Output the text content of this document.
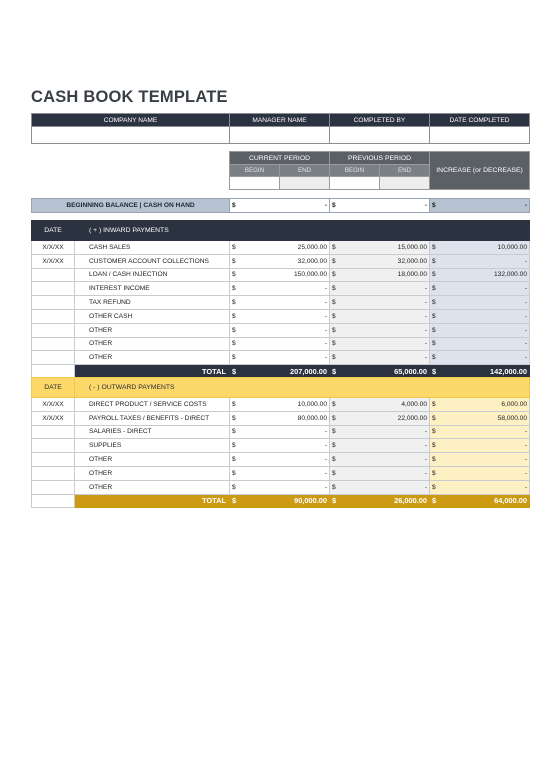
CASH BOOK TEMPLATE
COMPANY NAME	MANAGER NAME	COMPLETED BY	DATE COMPLETED

CURRENT PERIOD		PREVIOUS PERIOD		INCREASE (or DECREASE)
BEGIN	END	BEGIN	END	

BEGINNING BALANCE | CASH ON HAND	$	-	$	-	$	-
DATE	( + ) INWARD PAYMENTS			
X/X/XX	CASH SALES	$ 25,000.00	$ 15,000.00	$ 10,000.00

X/X/XX	CUSTOMER ACCOUNT COLLECTIONS	$ 32,000.00	$ 32,000.00	$ -

	LOAN / CASH INJECTION	$ 150,000.00	$ 18,000.00	$ 132,000.00

	INTEREST INCOME	$ -	$ -	$ -

	TAX REFUND	$ -	$ -	$ -

	OTHER CASH	$ -	$ -	$ -

	OTHER	$ -	$ -	$ -

	OTHER	$ -	$ -	$ -

	OTHER	$ -	$ -	$ -

	TOTAL	$ 207,000.00	$ 65,000.00	$ 142,000.00
DATE	( - ) OUTWARD PAYMENTS			
X/X/XX	DIRECT PRODUCT / SERVICE COSTS	$ 10,000.00	$ 4,000.00	$ 6,000.00

X/X/XX	PAYROLL TAXES / BENEFITS - DIRECT	$ 80,000.00	$ 22,000.00	$ 58,000.00

	SALARIES - DIRECT	$ -	$ -	$ -

	SUPPLIES	$ -	$ -	$ -

	OTHER	$ -	$ -	$ -

	OTHER	$ -	$ -	$ -

	OTHER	$ -	$ -	$ -

	TOTAL	$ 90,000.00	$ 26,000.00	$ 64,000.00
